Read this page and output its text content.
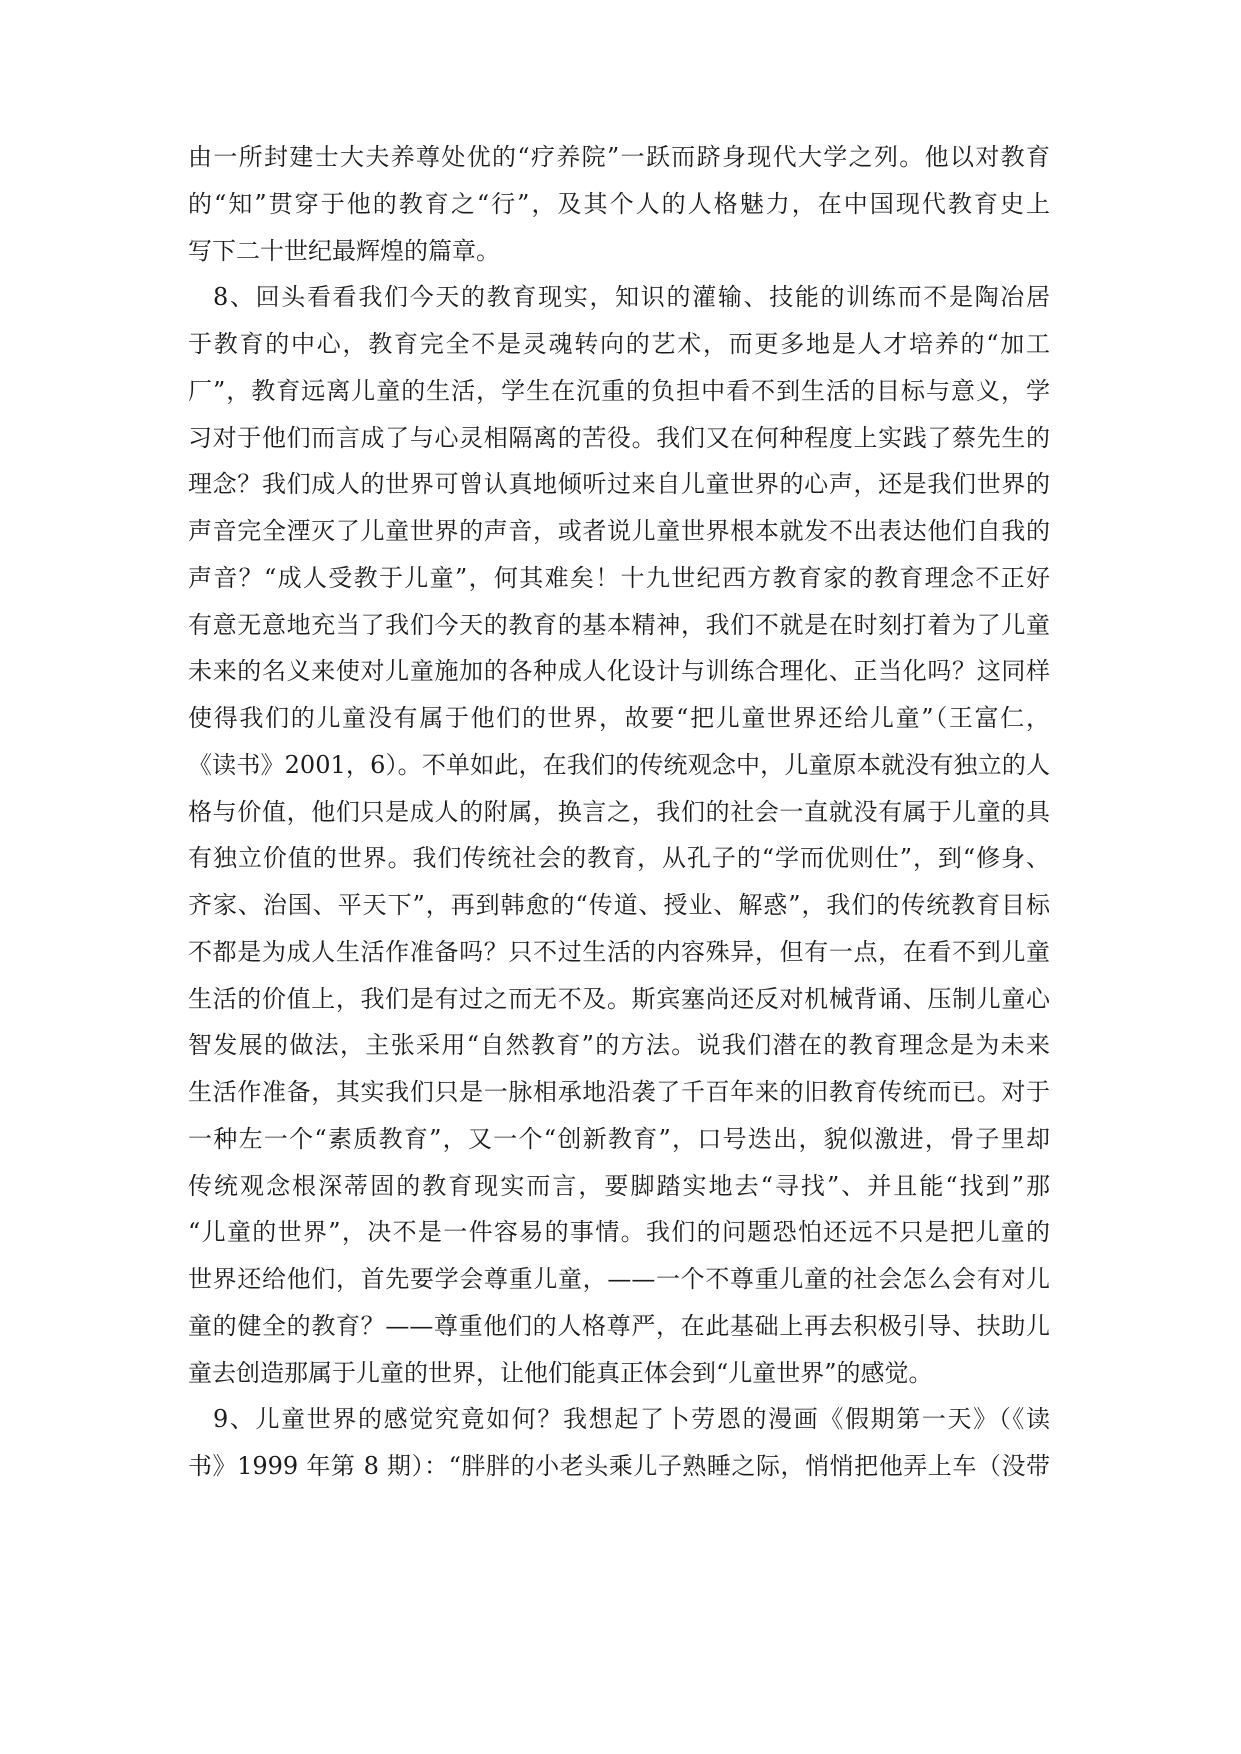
由一所封建士大夫养尊处优的“疗养院”一跃而跻身现代大学之列。他以对教育
的“知”贯穿于他的教育之“行”，及其个人的人格魅力，在中国现代教育史上
写下二十世纪最辉煌的篇章。
8、回头看看我们今天的教育现实，知识的灌输、技能的训练而不是陶冶居
于教育的中心，教育完全不是灵魂转向的艺术，而更多地是人才培养的“加工
厂”，教育远离儿童的生活，学生在沉重的负担中看不到生活的目标与意义，学
习对于他们而言成了与心灵相隔离的苦役。我们又在何种程度上实践了蔡先生的
理念？我们成人的世界可曾认真地倾听过来自儿童世界的心声，还是我们世界的
声音完全湮灭了儿童世界的声音，或者说儿童世界根本就发不出表达他们自我的
声音？“成人受教于儿童”，何其难矣！十九世纪西方教育家的教育理念不正好
有意无意地充当了我们今天的教育的基本精神，我们不就是在时刻打着为了儿童
未来的名义来使对儿童施加的各种成人化设计与训练合理化、正当化吗？这同样
使得我们的儿童没有属于他们的世界，故要“把儿童世界还给儿童”（王富仁，
《读书》2001，6）。不单如此，在我们的传统观念中，儿童原本就没有独立的人
格与价值，他们只是成人的附属，换言之，我们的社会一直就没有属于儿童的具
有独立价值的世界。我们传统社会的教育，从孔子的“学而优则仕”，到“修身、
齐家、治国、平天下”，再到韩愈的“传道、授业、解惑”，我们的传统教育目标
不都是为成人生活作准备吗？只不过生活的内容殊异，但有一点，在看不到儿童
生活的价值上，我们是有过之而无不及。斯宾塞尚还反对机械背诵、压制儿童心
智发展的做法，主张采用“自然教育”的方法。说我们潜在的教育理念是为未来
生活作准备，其实我们只是一脉相承地沿袭了千百年来的旧教育传统而已。对于
一种左一个“素质教育”，又一个“创新教育”，口号迭出，貌似激进，骨子里却
传统观念根深蒂固的教育现实而言，要脚踏实地去“寻找”、并且能“找到”那
“儿童的世界”，决不是一件容易的事情。我们的问题恐怕还远不只是把儿童的
世界还给他们，首先要学会尊重儿童，——一个不尊重儿童的社会怎么会有对儿
童的健全的教育？——尊重他们的人格尊严，在此基础上再去积极引导、扶助儿
童去创造那属于儿童的世界，让他们能真正体会到“儿童世界”的感觉。
9、儿童世界的感觉究竟如何？我想起了卜劳恩的漫画《假期第一天》（《读
书》1999 年第 8 期）：“胖胖的小老头乘儿子熟睡之际，悄悄把他弄上车（没带
